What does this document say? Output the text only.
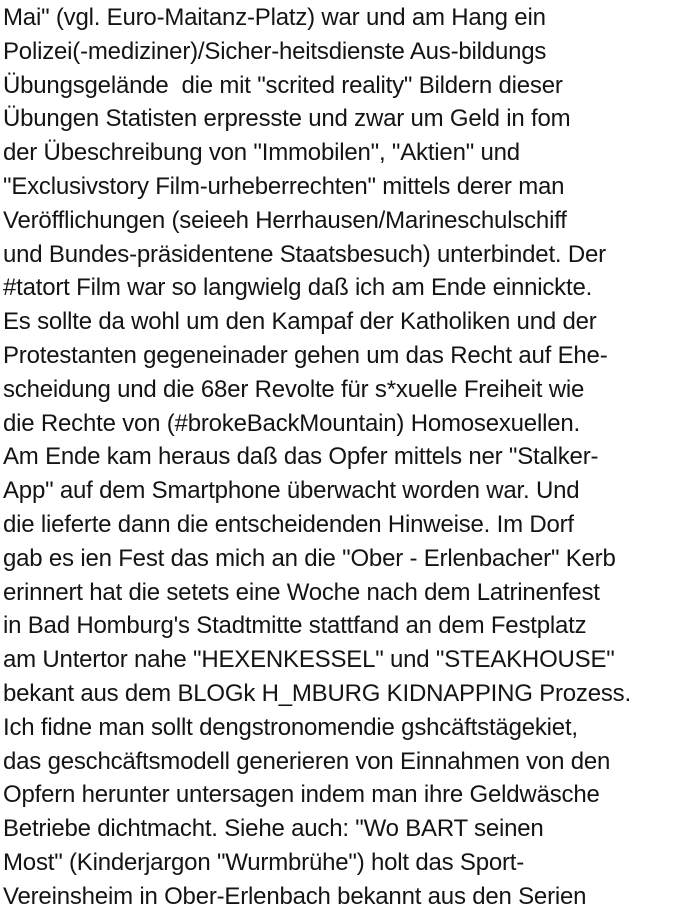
Mai" (vgl. Euro-Maitanz-Platz) war und am Hang ein
Polizei(-mediziner)/Sicher-heitsdienste Aus-bildungs
Übungsgelände  die mit "scrited reality" Bildern dieser
Übungen Statisten erpresste und zwar um Geld in fom
der Übeschreibung von "Immobilen", "Aktien" und
"Exclusivstory Film-urheberrechten" mittels derer man
Veröfflichungen (seieeh Herrhausen/Marineschulschiff
und Bundes-präsidentene Staatsbesuch) unterbindet. Der
#tatort Film war so langwielg daß ich am Ende einnickte.
Es sollte da wohl um den Kampaf der Katholiken und der
Protestanten gegeneinader gehen um das Recht auf Ehe-
scheidung und die 68er Revolte für s*xuelle Freiheit wie
die Rechte von (#brokeBackMountain) Homosexuellen.
Am Ende kam heraus daß das Opfer mittels ner "Stalker-
App" auf dem Smartphone überwacht worden war. Und
die lieferte dann die entscheidenden Hinweise. Im Dorf
gab es ien Fest das mich an die "Ober - Erlenbacher" Kerb
erinnert hat die setets eine Woche nach dem Latrinenfest
in Bad Homburg's Stadtmitte stattfand an dem Festplatz
am Untertor nahe "HEXENKESSEL" und "STEAKHOUSE"
bekant aus dem BLOGk H_MBURG KIDNAPPING Prozess.
Ich fidne man sollt dengstronomendie gshcäftstägekiet,
das geschcäftsmodell generieren von Einnahmen von den
Opfern herunter untersagen indem man ihre Geldwäsche
Betriebe dichtmacht. Siehe auch: "Wo BART seinen
Most" (Kinderjargon "Wurmbrühe") holt das Sport-
Vereinsheim in Ober-Erlenbach bekannt aus den Serien
